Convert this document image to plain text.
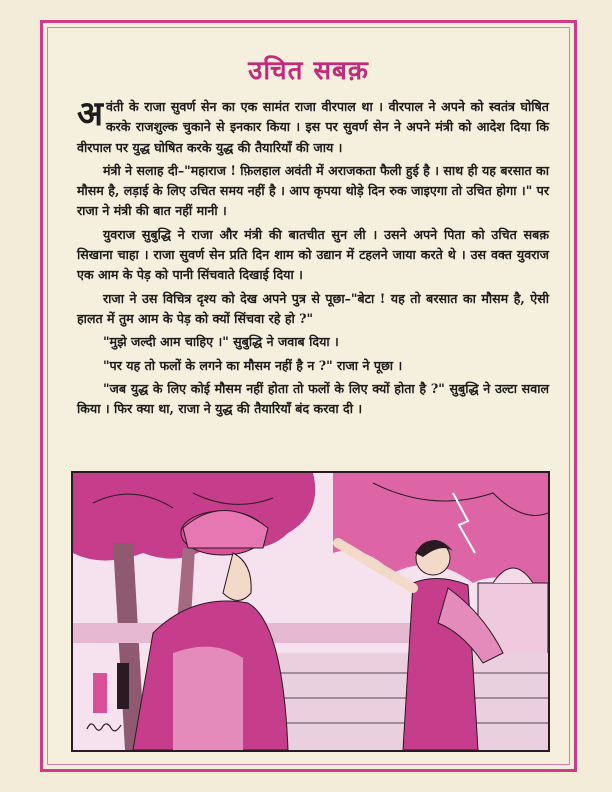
उचित सबक़

अवंती के राजा सुवर्ण सेन का एक सामंत राजा वीरपाल था । वीरपाल ने अपने को स्वतंत्र घोषित करके राजशुल्क चुकाने से इनकार किया । इस पर सुवर्ण सेन ने अपने मंत्री को आदेश दिया कि वीरपाल पर युद्ध घोषित करके युद्ध की तैयारियाँ की जाय ।

मंत्री ने सलाह दी–"महाराज ! फ़िलहाल अवंती में अराजकता फैली हुई है । साथ ही यह बरसात का मौसम है, लड़ाई के लिए उचित समय नहीं है । आप कृपया थोड़े दिन रुक जाइएगा तो उचित होगा ।" पर राजा ने मंत्री की बात नहीं मानी ।

युवराज सुबुद्धि ने राजा और मंत्री की बातचीत सुन ली । उसने अपने पिता को उचित सबक़ सिखाना चाहा । राजा सुवर्ण सेन प्रति दिन शाम को उद्यान में टहलने जाया करते थे । उस वक्त युवराज एक आम के पेड़ को पानी सिंचवाते दिखाई दिया ।

राजा ने उस विचित्र दृश्य को देख अपने पुत्र से पूछा–"बेटा ! यह तो बरसात का मौसम है, ऐसी हालत में तुम आम के पेड़ को क्यों सिंचवा रहे हो ?"

"मुझे जल्दी आम चाहिए ।" सुबुद्धि ने जवाब दिया ।

"पर यह तो फलों के लगने का मौसम नहीं है न ?" राजा ने पूछा ।

"जब युद्ध के लिए कोई मौसम नहीं होता तो फलों के लिए क्यों होता है ?" सुबुद्धि ने उल्टा सवाल किया । फिर क्या था, राजा ने युद्ध की तैयारियाँ बंद करवा दी ।
